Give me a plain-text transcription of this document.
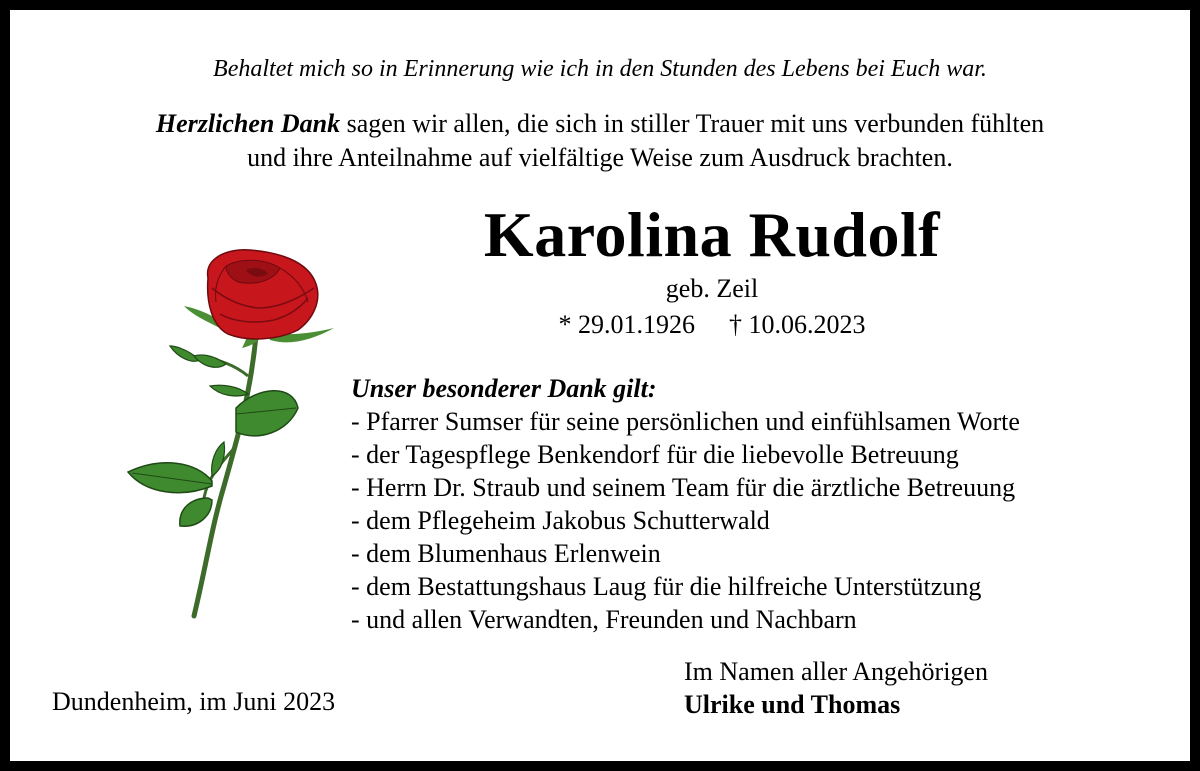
Behaltet mich so in Erinnerung wie ich in den Stunden des Lebens bei Euch war.
Herzlichen Dank sagen wir allen, die sich in stiller Trauer mit uns verbunden fühlten
und ihre Anteilnahme auf vielfältige Weise zum Ausdruck brachten.
Karolina Rudolf
geb. Zeil
* 29.01.1926 † 10.06.2023
Unser besonderer Dank gilt:
- Pfarrer Sumser für seine persönlichen und einfühlsamen Worte
- der Tagespflege Benkendorf für die liebevolle Betreuung
- Herrn Dr. Straub und seinem Team für die ärztliche Betreuung
- dem Pflegeheim Jakobus Schutterwald
- dem Blumenhaus Erlenwein
- dem Bestattungshaus Laug für die hilfreiche Unterstützung
- und allen Verwandten, Freunden und Nachbarn
Dundenheim, im Juni 2023
Im Namen aller Angehörigen
Ulrike und Thomas
